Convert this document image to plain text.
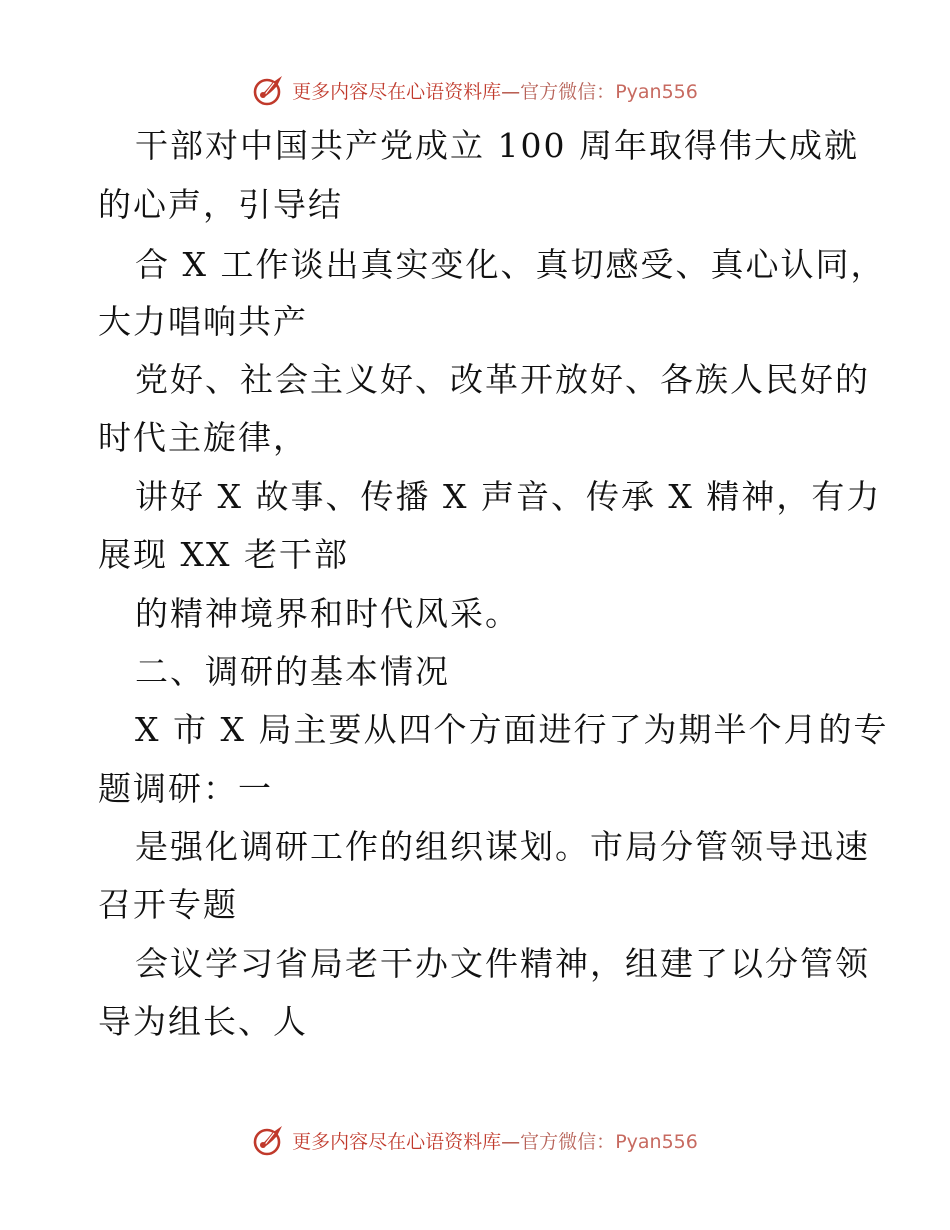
更多内容尽在心语资料库—官方微信：Pyan556
干部对中国共产党成立 100 周年取得伟大成就
的心声，引导结
合 X 工作谈出真实变化、真切感受、真心认同，
大力唱响共产
党好、社会主义好、改革开放好、各族人民好的
时代主旋律，
讲好 X 故事、传播 X 声音、传承 X 精神，有力
展现 XX 老干部
的精神境界和时代风采。
二、调研的基本情况
X 市 X 局主要从四个方面进行了为期半个月的专
题调研：一
是强化调研工作的组织谋划。市局分管领导迅速
召开专题
会议学习省局老干办文件精神，组建了以分管领
导为组长、人
更多内容尽在心语资料库—官方微信：Pyan556
